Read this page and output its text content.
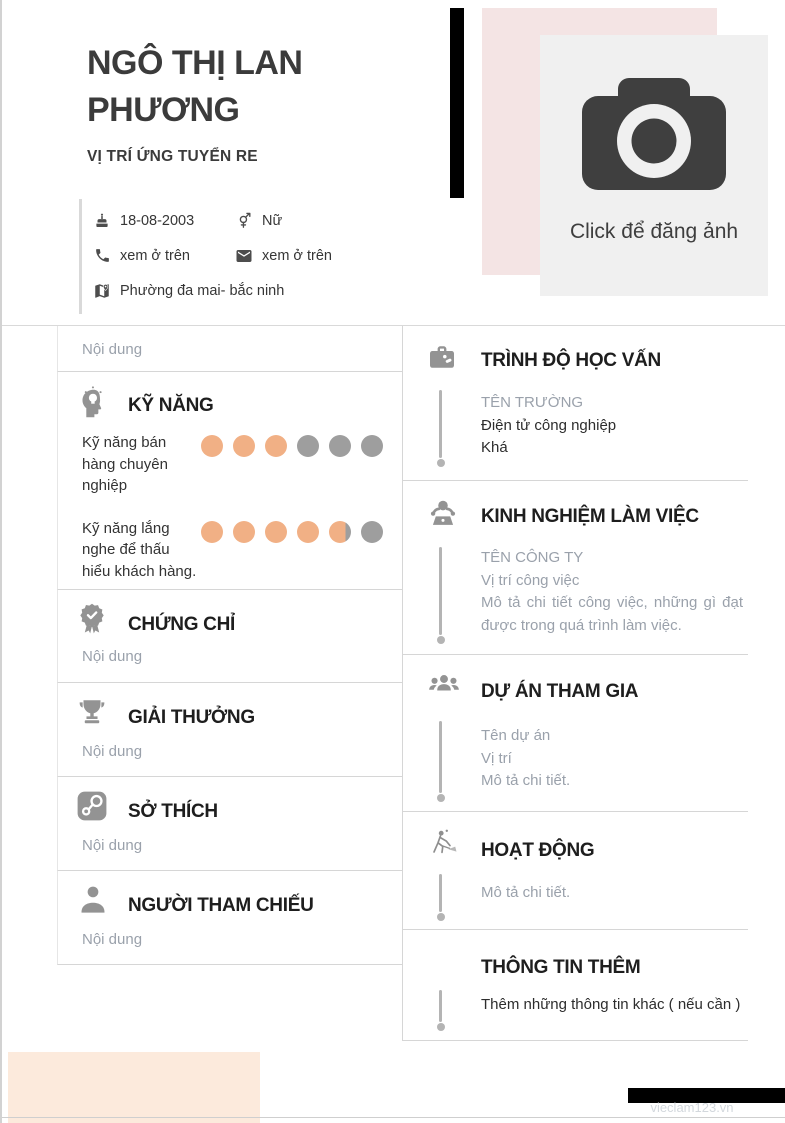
NGÔ THỊ LAN PHƯƠNG
VỊ TRÍ ỨNG TUYỂN RE
18-08-2003	Nữ
xem ở trên	xem ở trên
Phường đa mai- bắc ninh
Click để đăng ảnh
Nội dung
KỸ NĂNG
Kỹ năng bán hàng chuyên nghiệp
Kỹ năng lắng nghe để thấu hiểu khách hàng.
CHỨNG CHỈ
Nội dung
GIẢI THƯỞNG
Nội dung
SỞ THÍCH
Nội dung
NGƯỜI THAM CHIẾU
Nội dung
TRÌNH ĐỘ HỌC VẤN
TÊN TRƯỜNG
Điện tử công nghiệp
Khá
KINH NGHIỆM LÀM VIỆC
TÊN CÔNG TY
Vị trí công việc
Mô tả chi tiết công việc, những gì đạt được trong quá trình làm việc.
DỰ ÁN THAM GIA
Tên dự án
Vị trí
Mô tả chi tiết.
HOẠT ĐỘNG
Mô tả chi tiết.
THÔNG TIN THÊM
Thêm những thông tin khác ( nếu cần )
vieclam123.vn
